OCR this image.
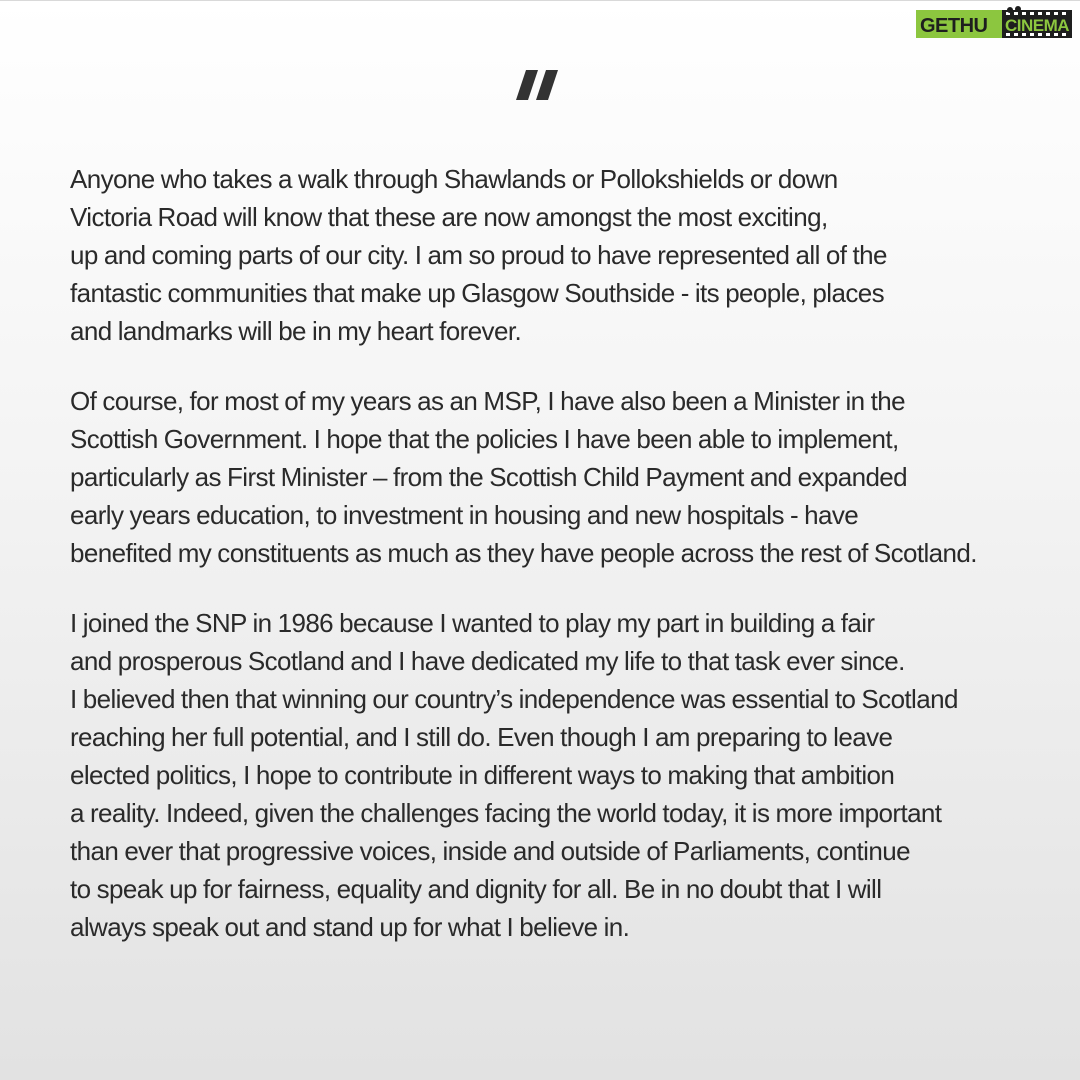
GETHU CINEMA

Anyone who takes a walk through Shawlands or Pollokshields or down
Victoria Road will know that these are now amongst the most exciting,
up and coming parts of our city. I am so proud to have represented all of the
fantastic communities that make up Glasgow Southside - its people, places
and landmarks will be in my heart forever.

Of course, for most of my years as an MSP, I have also been a Minister in the
Scottish Government. I hope that the policies I have been able to implement,
particularly as First Minister – from the Scottish Child Payment and expanded
early years education, to investment in housing and new hospitals - have
benefited my constituents as much as they have people across the rest of Scotland.

I joined the SNP in 1986 because I wanted to play my part in building a fair
and prosperous Scotland and I have dedicated my life to that task ever since.
I believed then that winning our country’s independence was essential to Scotland
reaching her full potential, and I still do. Even though I am preparing to leave
elected politics, I hope to contribute in different ways to making that ambition
a reality. Indeed, given the challenges facing the world today, it is more important
than ever that progressive voices, inside and outside of Parliaments, continue
to speak up for fairness, equality and dignity for all. Be in no doubt that I will
always speak out and stand up for what I believe in.
